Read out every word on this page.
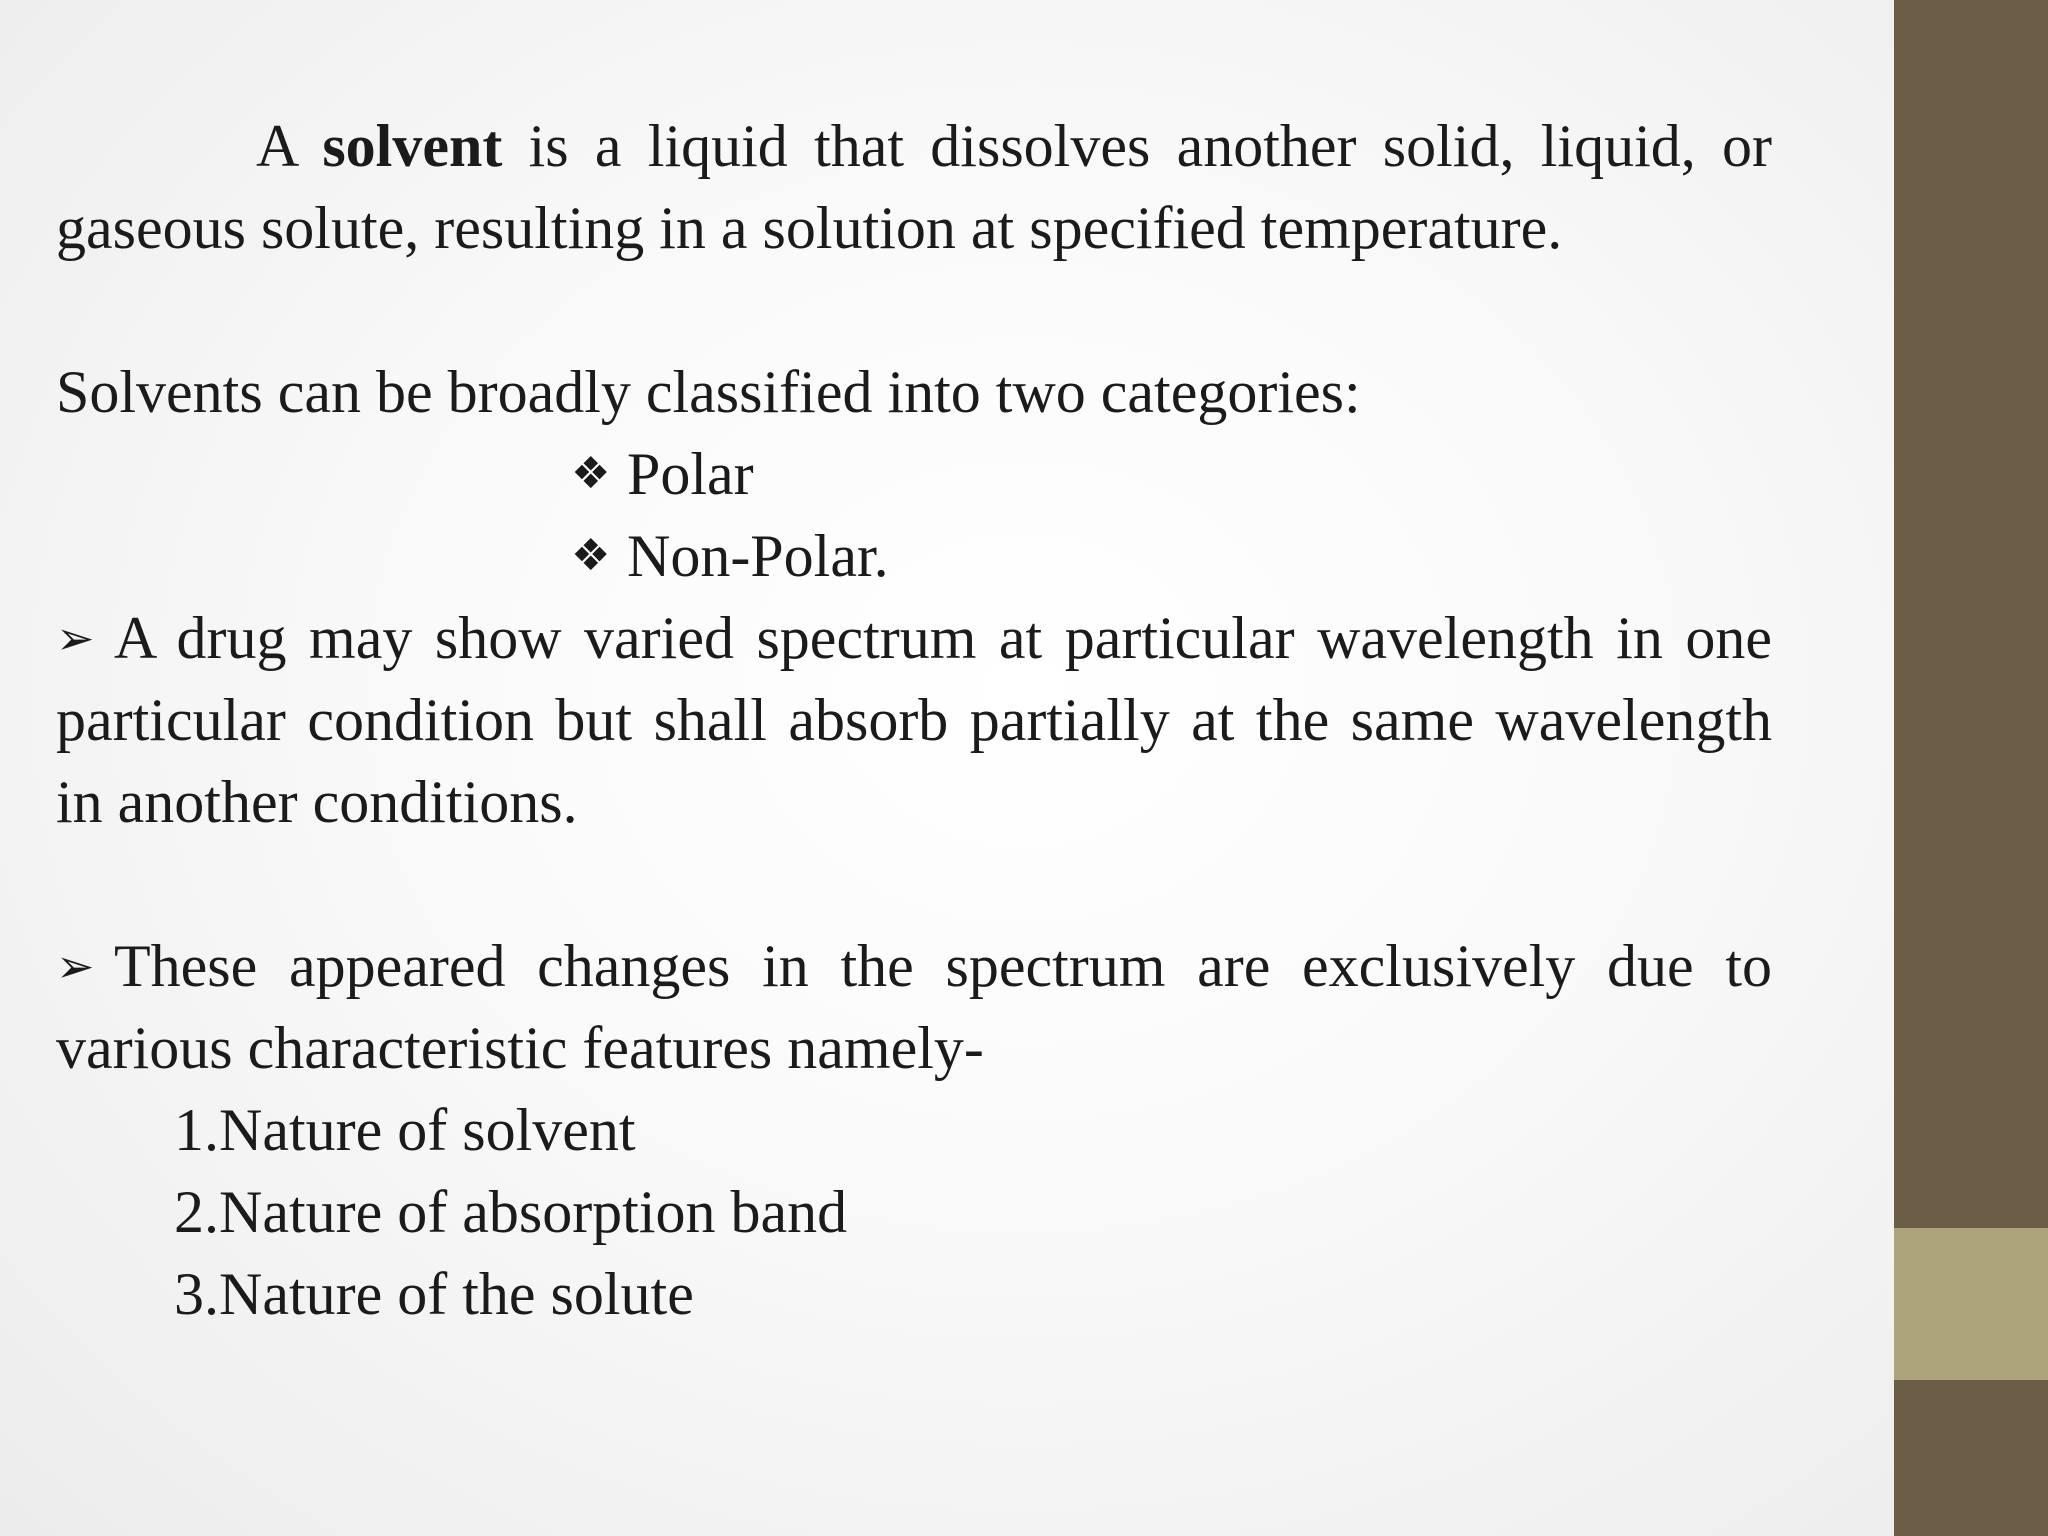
A solvent is a liquid that dissolves another solid, liquid, or gaseous solute, resulting in a solution at specified temperature.

Solvents can be broadly classified into two categories:

❖ Polar

❖ Non-Polar.

➢ A drug may show varied spectrum at particular wavelength in one particular condition but shall absorb partially at the same wavelength in another conditions.

➢ These appeared changes in the spectrum are exclusively due to various characteristic features namely-

1.Nature of solvent

2.Nature of absorption band

3.Nature of the solute
